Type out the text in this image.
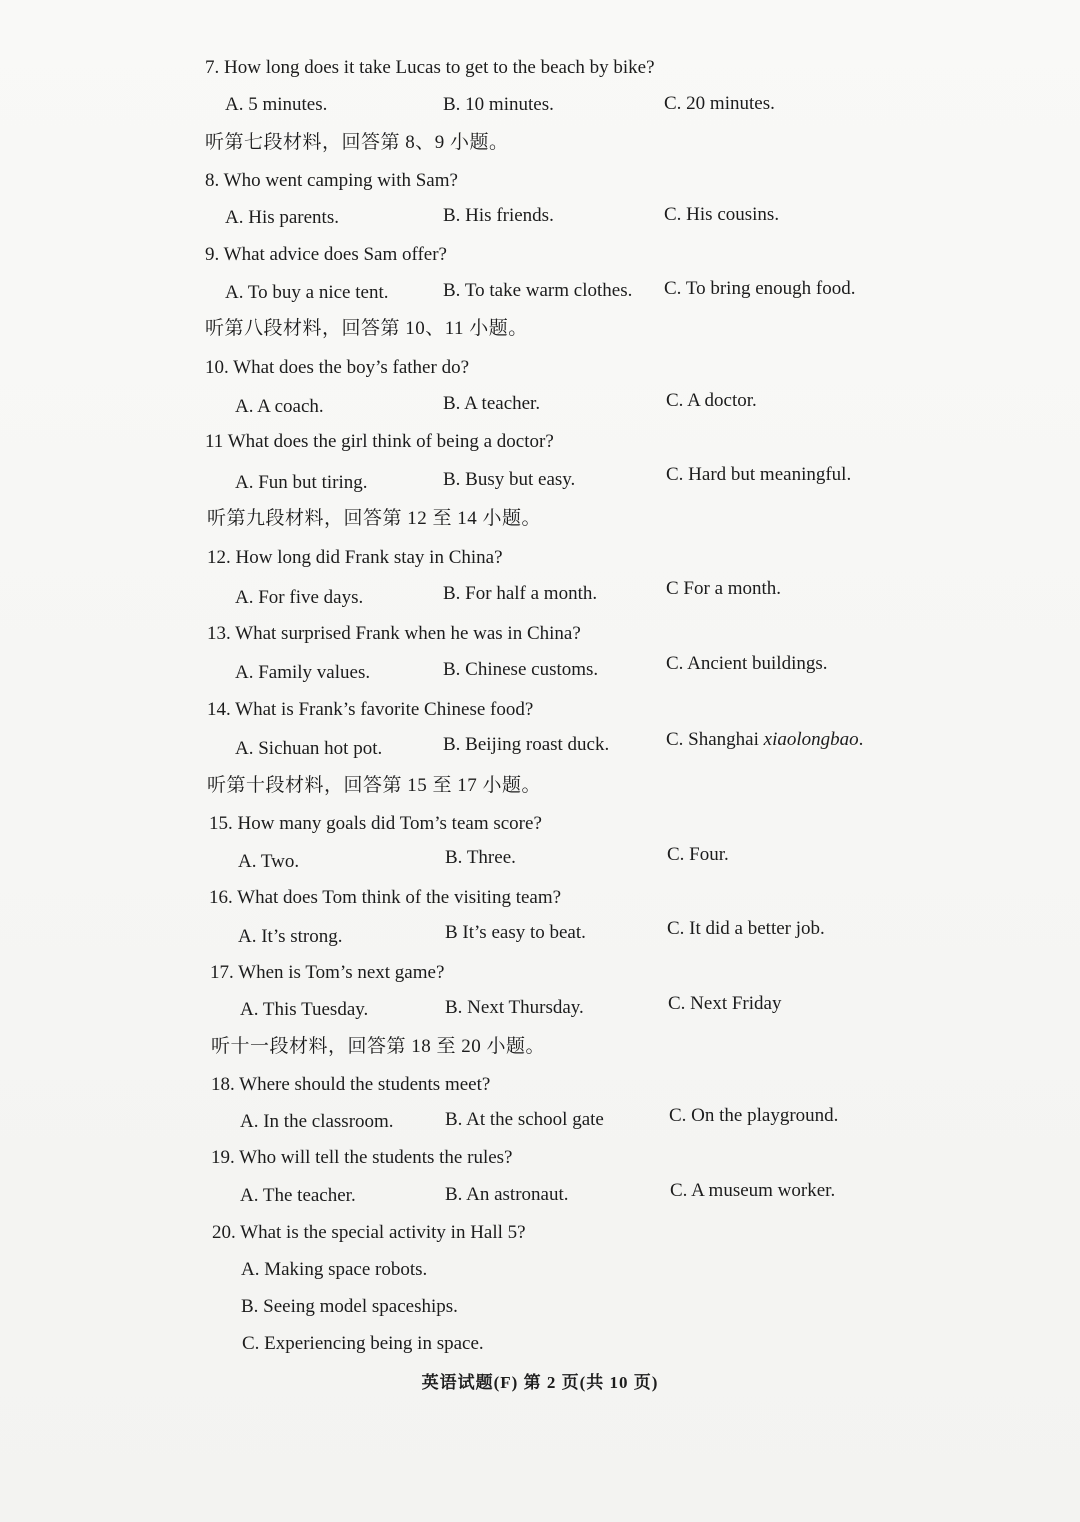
7. How long does it take Lucas to get to the beach by bike?
A. 5 minutes.	B. 10 minutes.	C. 20 minutes.
听第七段材料，回答第 8、9 小题。
8. Who went camping with Sam?
A. His parents.	B. His friends.	C. His cousins.
9. What advice does Sam offer?
A. To buy a nice tent.	B. To take warm clothes. C. To bring enough food.
听第八段材料，回答第 10、11 小题。
10. What does the boy’s father do?
A. A coach.	B. A teacher.	C. A doctor.
11 What does the girl think of being a doctor?
A. Fun but tiring.	B. Busy but easy.	C. Hard but meaningful.
听第九段材料，回答第 12 至 14 小题。
12. How long did Frank stay in China?
A. For five days.	B. For half a month.	C For a month.
13. What surprised Frank when he was in China?
A. Family values.	B. Chinese customs.	C. Ancient buildings.
14. What is Frank’s favorite Chinese food?
A. Sichuan hot pot.	B. Beijing roast duck.	C. Shanghai xiaolongbao.
听第十段材料，回答第 15 至 17 小题。
15. How many goals did Tom’s team score?
A. Two.	B. Three.	C. Four.
16. What does Tom think of the visiting team?
A. It’s strong.	B It’s easy to beat.	C. It did a better job.
17. When is Tom’s next game?
A. This Tuesday.	B. Next Thursday.	C. Next Friday
听十一段材料，回答第 18 至 20 小题。
18. Where should the students meet?
A. In the classroom.	B. At the school gate	C. On the playground.
19. Who will tell the students the rules?
A. The teacher.	B. An astronaut.	C. A museum worker.
20. What is the special activity in Hall 5?
A. Making space robots.
B. Seeing model spaceships.
C. Experiencing being in space.
英语试题(F) 第 2 页(共 10 页)
